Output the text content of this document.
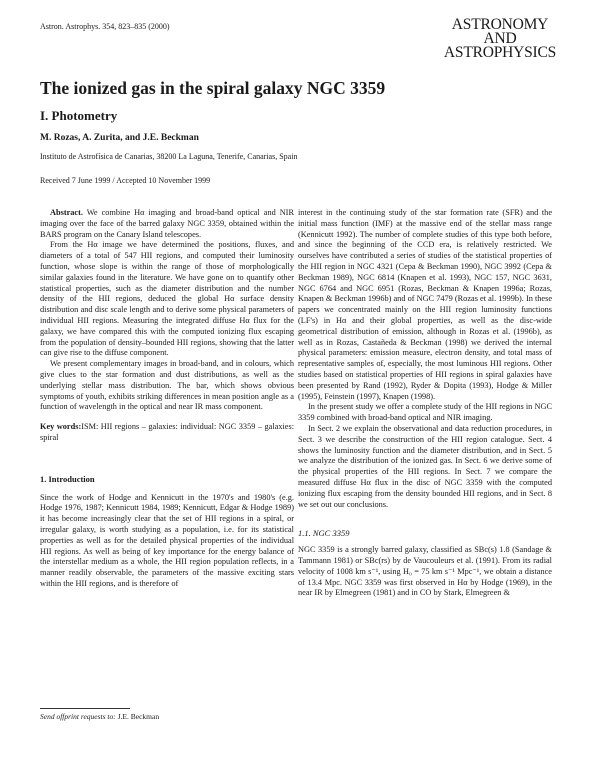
Astron. Astrophys. 354, 823–835 (2000)	ASTRONOMY
AND
ASTROPHYSICS
The ionized gas in the spiral galaxy NGC 3359
I. Photometry
M. Rozas, A. Zurita, and J.E. Beckman
Instituto de Astrofísica de Canarias, 38200 La Laguna, Tenerife, Canarias, Spain
Received 7 June 1999 / Accepted 10 November 1999

Abstract. We combine Hα imaging and broad-band optical and NIR imaging over the face of the barred galaxy NGC 3359, obtained within the BARS program on the Canary Island telescopes.

From the Hα image we have determined the positions, fluxes, and diameters of a total of 547 HII regions, and computed their luminosity function, whose slope is within the range of those of morphologically similar galaxies found in the literature. We have gone on to quantify other statistical properties, such as the diameter distribution and the number density of the HII regions, deduced the global Hα surface density distribution and disc scale length and to derive some physical parameters of individual HII regions. Measuring the integrated diffuse Hα flux for the galaxy, we have compared this with the computed ionizing flux escaping from the population of density–bounded HII regions, showing that the latter can give rise to the diffuse component.

We present complementary images in broad-band, and in colours, which give clues to the star formation and dust distributions, as well as the underlying stellar mass distribution. The bar, which shows obvious symptoms of youth, exhibits striking differences in mean position angle as a function of wavelength in the optical and near IR mass component.

Key words:ISM: HII regions – galaxies: individual: NGC 3359 – galaxies: spiral

1. Introduction

Since the work of Hodge and Kennicutt in the 1970's and 1980's (e.g. Hodge 1976, 1987; Kennicutt 1984, 1989; Kennicutt, Edgar & Hodge 1989) it has become increasingly clear that the set of HII regions in a spiral, or irregular galaxy, is worth studying as a population, i.e. for its statistical properties as well as for the detailed physical properties of the individual HII regions. As well as being of key importance for the energy balance of the interstellar medium as a whole, the HII region population reflects, in a manner readily observable, the parameters of the massive exciting stars within the HII regions, and is therefore of

interest in the continuing study of the star formation rate (SFR) and the initial mass function (IMF) at the massive end of the stellar mass range (Kennicutt 1992). The number of complete studies of this type both before, and since the beginning of the CCD era, is relatively restricted. We ourselves have contributed a series of studies of the statistical properties of the HII region in NGC 4321 (Cepa & Beckman 1990), NGC 3992 (Cepa & Beckman 1989), NGC 6814 (Knapen et al. 1993), NGC 157, NGC 3631, NGC 6764 and NGC 6951 (Rozas, Beckman & Knapen 1996a; Rozas, Knapen & Beckman 1996b) and of NGC 7479 (Rozas et al. 1999b). In these papers we concentrated mainly on the HII region luminosity functions (LF's) in Hα and their global properties, as well as the disc-wide geometrical distribution of emission, although in Rozas et al. (1996b), as well as in Rozas, Castañeda & Beckman (1998) we derived the internal physical parameters: emission measure, electron density, and total mass of representative samples of, especially, the most luminous HII regions. Other studies based on statistical properties of HII regions in spiral galaxies have been presented by Rand (1992), Ryder & Dopita (1993), Hodge & Miller (1995), Feinstein (1997), Knapen (1998).

In the present study we offer a complete study of the HII regions in NGC 3359 combined with broad-band optical and NIR imaging.

In Sect. 2 we explain the observational and data reduction procedures, in Sect. 3 we describe the construction of the HII region catalogue. Sect. 4 shows the luminosity function and the diameter distribution, and in Sect. 5 we analyze the distribution of the ionized gas. In Sect. 6 we derive some of the physical properties of the HII regions. In Sect. 7 we compare the measured diffuse Hα flux in the disc of NGC 3359 with the computed ionizing flux escaping from the density bounded HII regions, and in Sect. 8 we set out our conclusions.

1.1. NGC 3359

NGC 3359 is a strongly barred galaxy, classified as SBc(s) 1.8 (Sandage & Tammann 1981) or SBc(rs) by de Vaucouleurs et al. (1991). From its radial velocity of 1008 km s⁻¹, using H₀ = 75 km s⁻¹ Mpc⁻¹, we obtain a distance of 13.4 Mpc. NGC 3359 was first observed in Hα by Hodge (1969), in the near IR by Elmegreen (1981) and in CO by Stark, Elmegreen &

Send offprint requests to: J.E. Beckman
